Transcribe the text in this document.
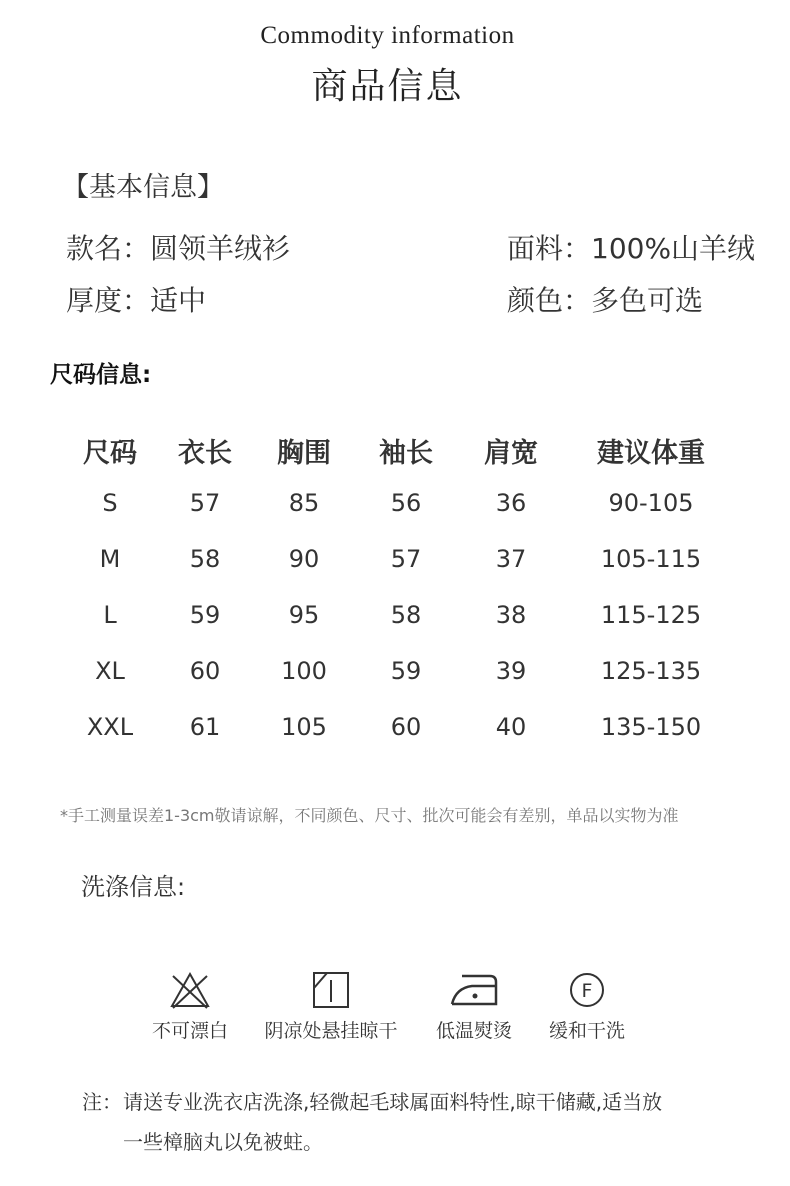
Commodity information
商品信息
【基本信息】
款名：圆领羊绒衫	面料：100%山羊绒
厚度：适中	颜色：多色可选
尺码信息:
尺码	衣长	胸围	袖长	肩宽	建议体重
S	57	85	56	36	90-105
M	58	90	57	37	105-115
L	59	95	58	38	115-125
XL	60	100	59	39	125-135
XXL	61	105	60	40	135-150
*手工测量误差1-3cm敬请谅解，不同颜色、尺寸、批次可能会有差别，单品以实物为准
洗涤信息:
不可漂白	阴凉处悬挂晾干	低温熨烫
F
缓和干洗
注： 请送专业洗衣店洗涤,轻微起毛球属面料特性,晾干储藏,适当放
一些樟脑丸以免被蛀。
